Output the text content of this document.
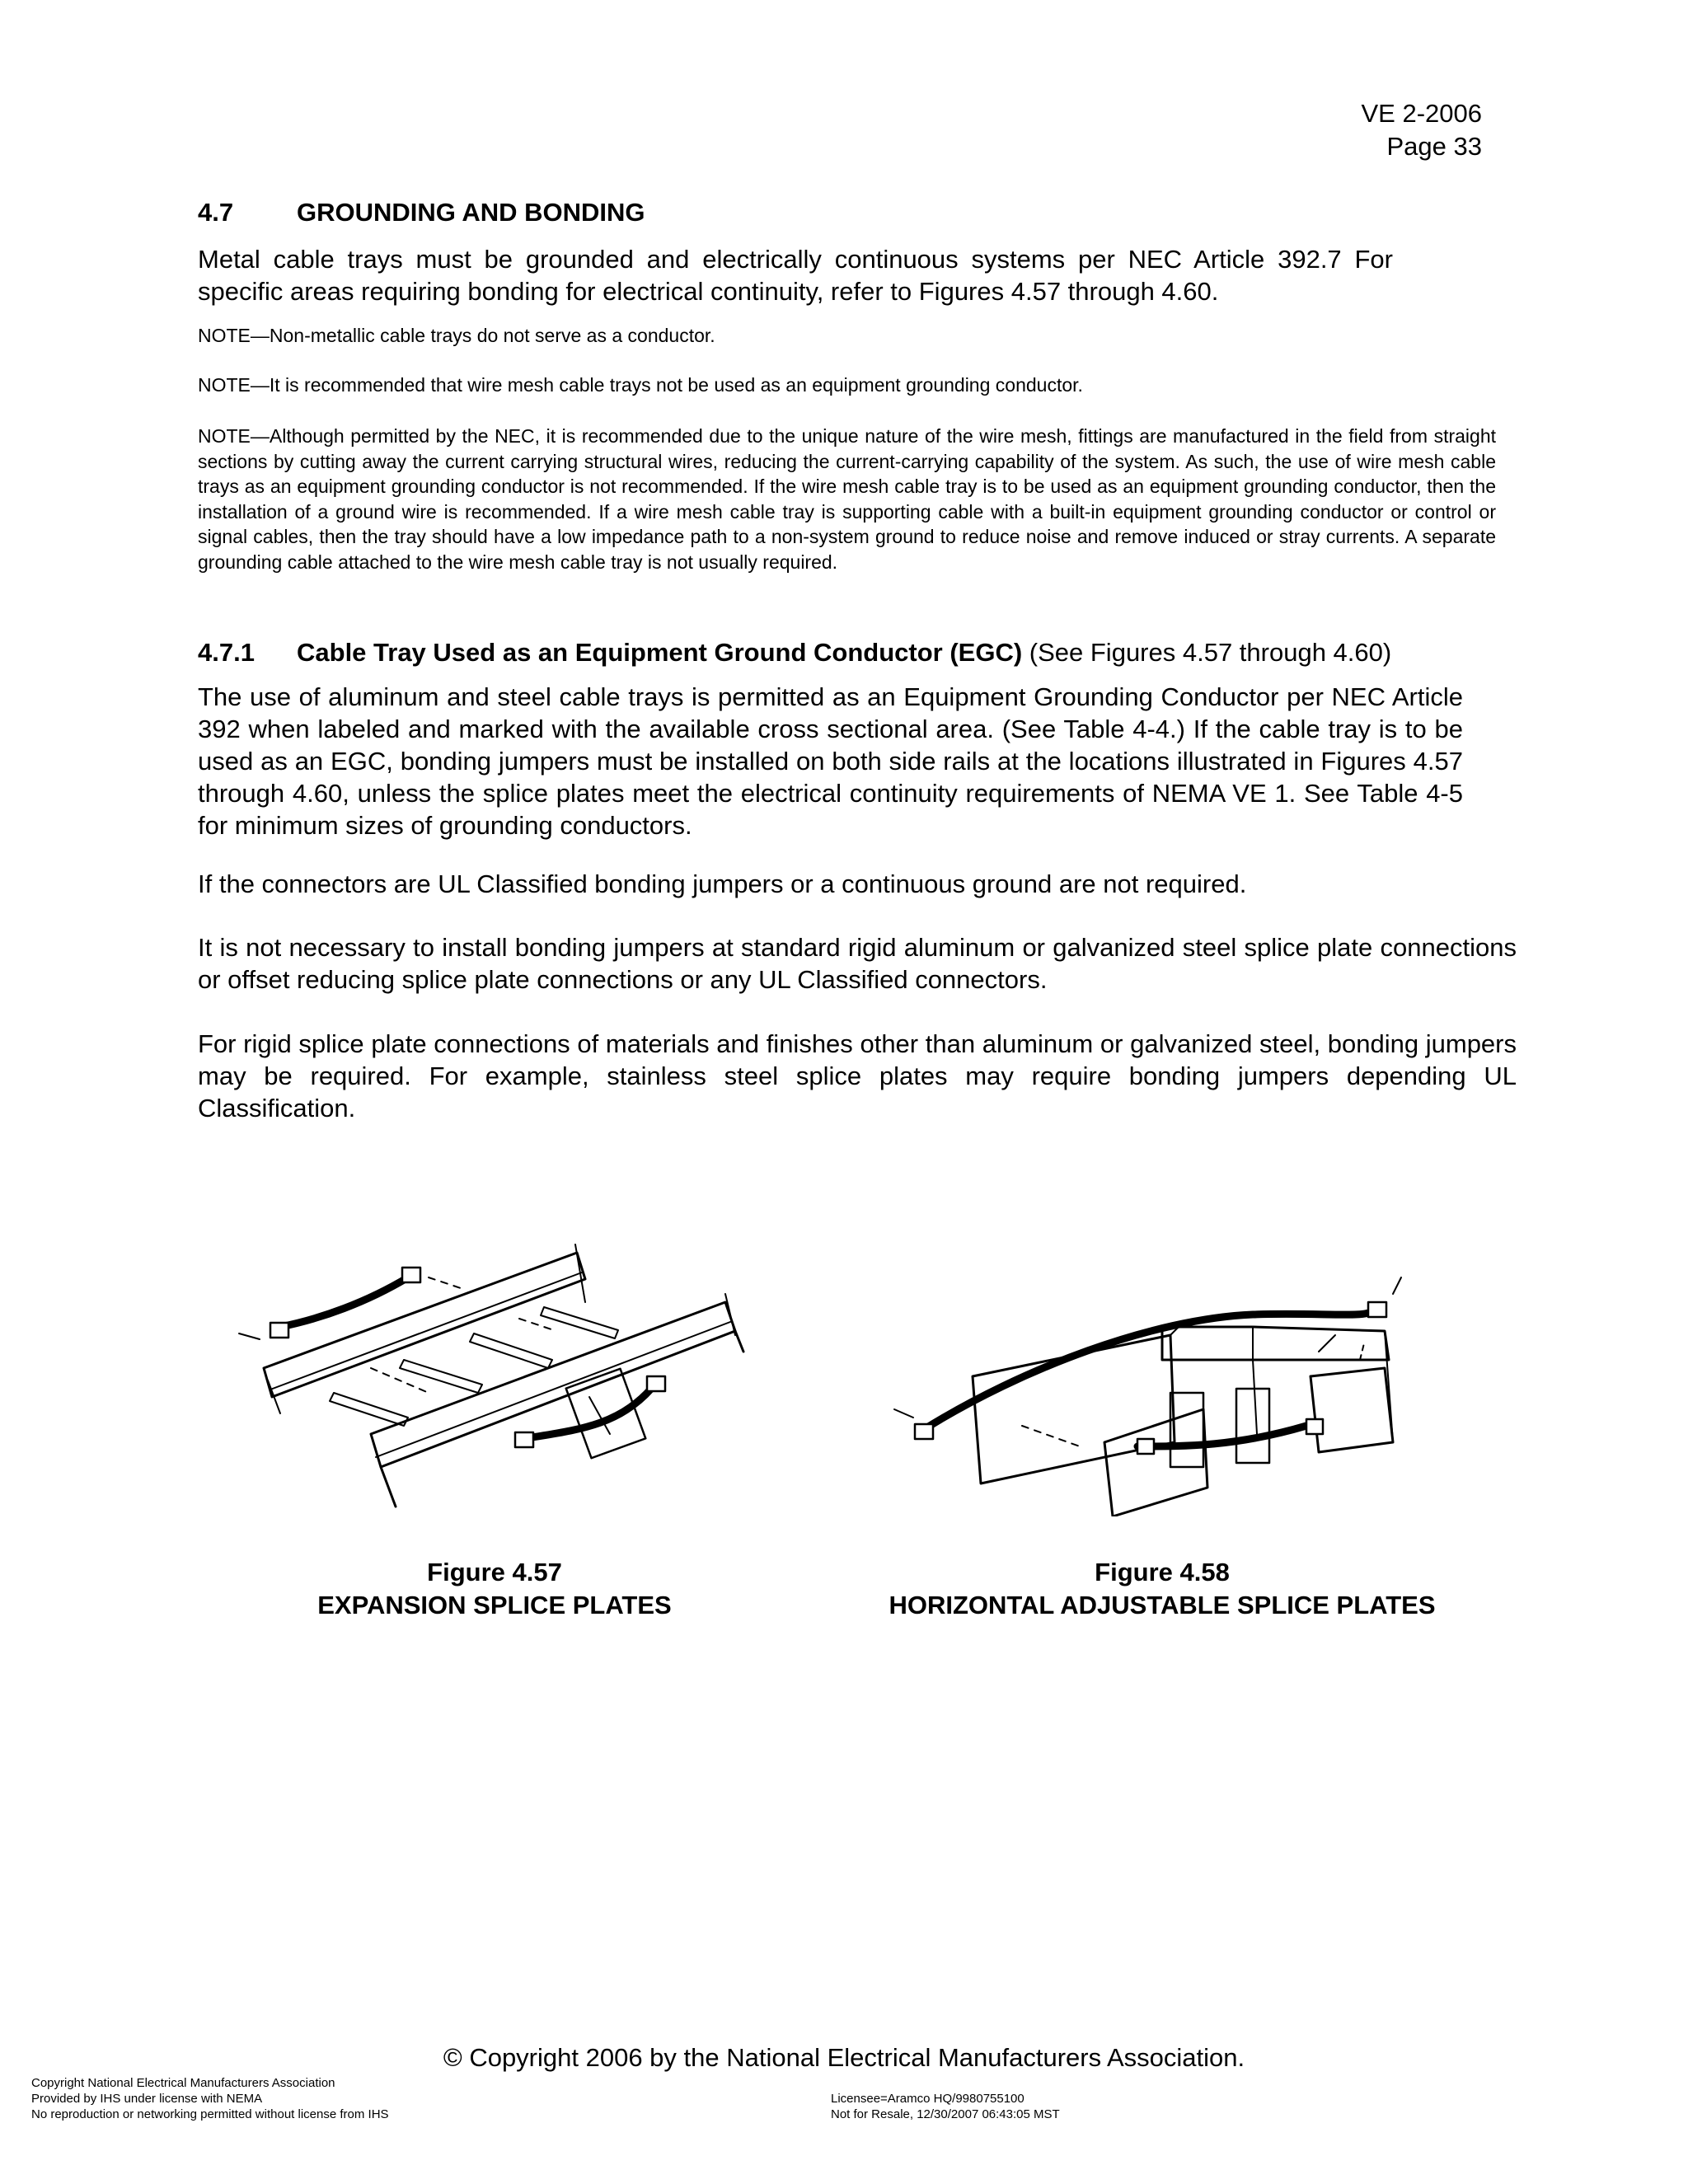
VE 2-2006
Page 33
4.7 GROUNDING AND BONDING

Metal cable trays must be grounded and electrically continuous systems per NEC Article 392.7 For specific areas requiring bonding for electrical continuity, refer to Figures 4.57 through 4.60.

NOTE—Non-metallic cable trays do not serve as a conductor.

NOTE—It is recommended that wire mesh cable trays not be used as an equipment grounding conductor.

NOTE—Although permitted by the NEC, it is recommended due to the unique nature of the wire mesh, fittings are manufactured in the field from straight sections by cutting away the current carrying structural wires, reducing the current-carrying capability of the system. As such, the use of wire mesh cable trays as an equipment grounding conductor is not recommended. If the wire mesh cable tray is to be used as an equipment grounding conductor, then the installation of a ground wire is recommended. If a wire mesh cable tray is supporting cable with a built-in equipment grounding conductor or control or signal cables, then the tray should have a low impedance path to a non-system ground to reduce noise and remove induced or stray currents. A separate grounding cable attached to the wire mesh cable tray is not usually required.

4.7.1 Cable Tray Used as an Equipment Ground Conductor (EGC) (See Figures 4.57 through 4.60)

The use of aluminum and steel cable trays is permitted as an Equipment Grounding Conductor per NEC Article 392 when labeled and marked with the available cross sectional area. (See Table 4-4.) If the cable tray is to be used as an EGC, bonding jumpers must be installed on both side rails at the locations illustrated in Figures 4.57 through 4.60, unless the splice plates meet the electrical continuity requirements of NEMA VE 1. See Table 4-5 for minimum sizes of grounding conductors.

If the connectors are UL Classified bonding jumpers or a continuous ground are not required.

It is not necessary to install bonding jumpers at standard rigid aluminum or galvanized steel splice plate connections or offset reducing splice plate connections or any UL Classified connectors.

For rigid splice plate connections of materials and finishes other than aluminum or galvanized steel, bonding jumpers may be required. For example, stainless steel splice plates may require bonding jumpers depending UL Classification.

Figure 4.57
EXPANSION SPLICE PLATES
Figure 4.58
HORIZONTAL ADJUSTABLE SPLICE PLATES
© Copyright 2006 by the National Electrical Manufacturers Association.
Copyright National Electrical Manufacturers Association
Provided by IHS under license with NEMA
No reproduction or networking permitted without license from IHS
Licensee=Aramco HQ/9980755100
Not for Resale, 12/30/2007 06:43:05 MST
